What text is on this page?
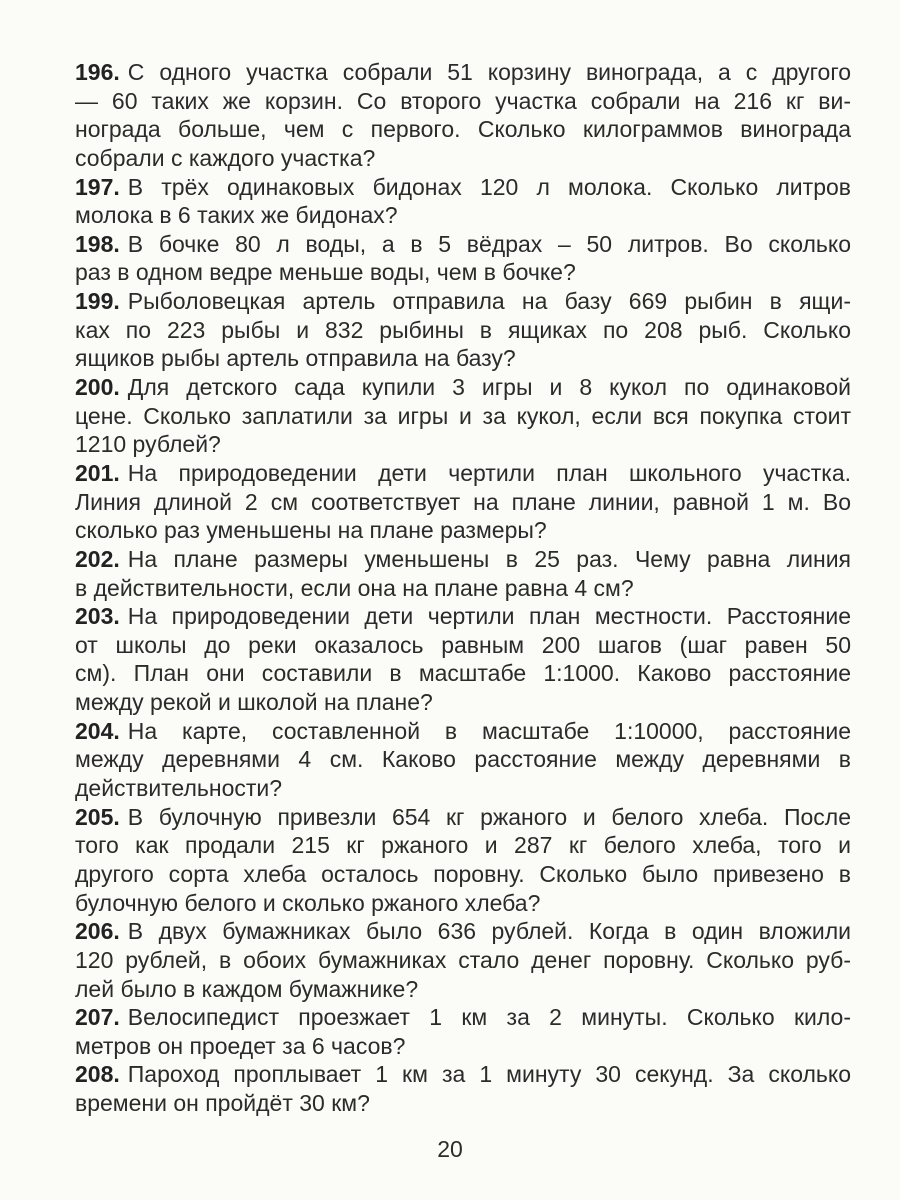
196. С одного участка собрали 51 корзину винограда, а с другого
— 60 таких же корзин. Со второго участка собрали на 216 кг ви-
нограда больше, чем с первого. Сколько килограммов винограда
собрали с каждого участка?
197. В трёх одинаковых бидонах 120 л молока. Сколько литров
молока в 6 таких же бидонах?
198. В бочке 80 л воды, а в 5 вёдрах – 50 литров. Во сколько
раз в одном ведре меньше воды, чем в бочке?
199. Рыболовецкая артель отправила на базу 669 рыбин в ящи-
ках по 223 рыбы и 832 рыбины в ящиках по 208 рыб. Сколько
ящиков рыбы артель отправила на базу?
200. Для детского сада купили 3 игры и 8 кукол по одинаковой
цене. Сколько заплатили за игры и за кукол, если вся покупка стоит
1210 рублей?
201. На природоведении дети чертили план школьного участка.
Линия длиной 2 см соответствует на плане линии, равной 1 м. Во
сколько раз уменьшены на плане размеры?
202. На плане размеры уменьшены в 25 раз. Чему равна линия
в действительности, если она на плане равна 4 см?
203. На природоведении дети чертили план местности. Расстояние
от школы до реки оказалось равным 200 шагов (шаг равен 50
см). План они составили в масштабе 1:1000. Каково расстояние
между рекой и школой на плане?
204. На карте, составленной в масштабе 1:10000, расстояние
между деревнями 4 см. Каково расстояние между деревнями в
действительности?
205. В булочную привезли 654 кг ржаного и белого хлеба. После
того как продали 215 кг ржаного и 287 кг белого хлеба, того и
другого сорта хлеба осталось поровну. Сколько было привезено в
булочную белого и сколько ржаного хлеба?
206. В двух бумажниках было 636 рублей. Когда в один вложили
120 рублей, в обоих бумажниках стало денег поровну. Сколько руб-
лей было в каждом бумажнике?
207. Велосипедист проезжает 1 км за 2 минуты. Сколько кило-
метров он проедет за 6 часов?
208. Пароход проплывает 1 км за 1 минуту 30 секунд. За сколько
времени он пройдёт 30 км?
20
